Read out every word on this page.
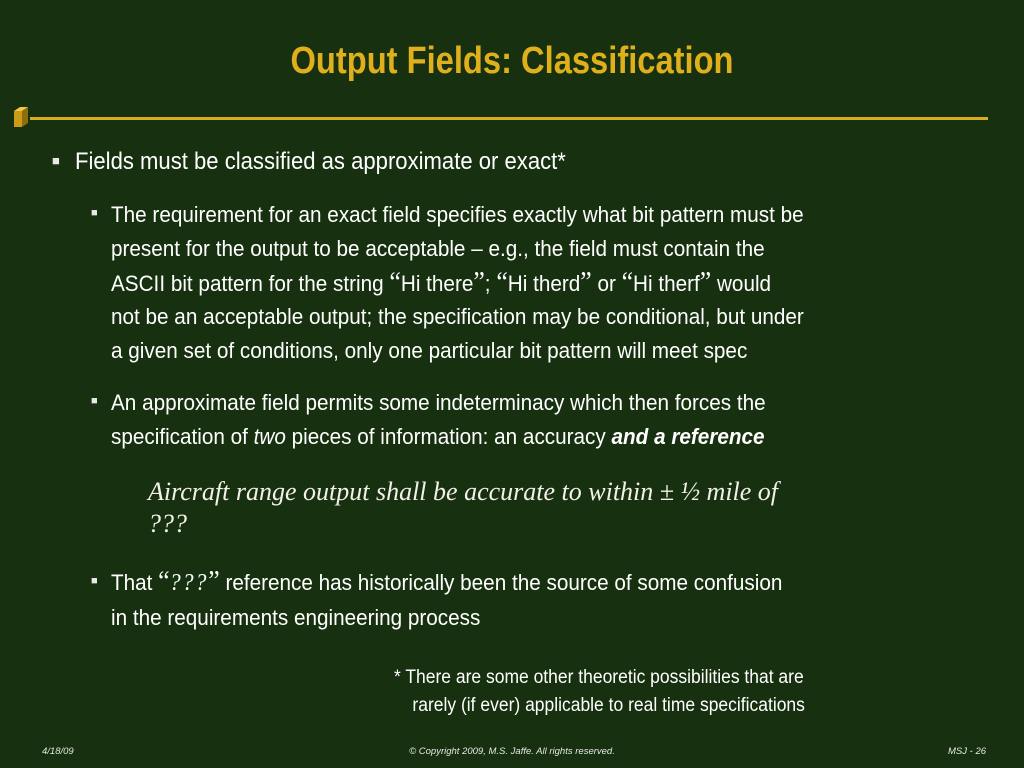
Output Fields: Classification
■ Fields must be classified as approximate or exact*
■ The requirement for an exact field specifies exactly what bit pattern must be
present for the output to be acceptable – e.g., the field must contain the
ASCII bit pattern for the string “Hi there”; “Hi therd” or “Hi therf” would
not be an acceptable output; the specification may be conditional, but under
a given set of conditions, only one particular bit pattern will meet spec
■ An approximate field permits some indeterminacy which then forces the
specification of two pieces of information: an accuracy and a reference
Aircraft range output shall be accurate to within ± ½ mile of
???
■ That “???” reference has historically been the source of some confusion
in the requirements engineering process
* There are some other theoretic possibilities that are
rarely (if ever) applicable to real time specifications
4/18/09	© Copyright 2009, M.S. Jaffe. All rights reserved.	MSJ - 26
